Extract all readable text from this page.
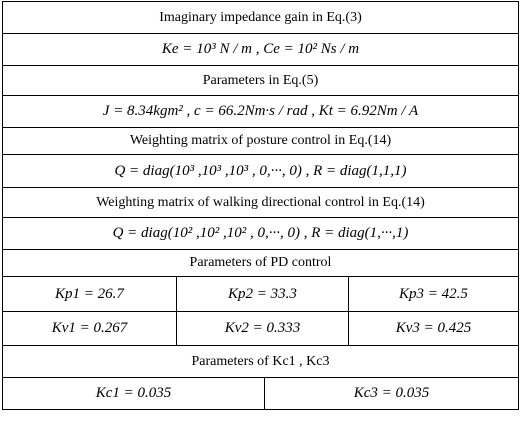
Imaginary impedance gain in Eq.(3)
Ke = 10³ N / m , Ce = 10² Ns / m
Parameters in Eq.(5)
J = 8.34kgm² , c = 66.2Nm·s / rad , Kt = 6.92Nm / A
Weighting matrix of posture control in Eq.(14)
Q = diag(10³ ,10³ ,10³ , 0,···, 0) , R = diag(1,1,1)
Weighting matrix of walking directional control in Eq.(14)
Q = diag(10² ,10² ,10² , 0,···, 0) , R = diag(1,···,1)
Parameters of PD control
Kp1 = 26.7	Kp2 = 33.3	Kp3 = 42.5
Kv1 = 0.267	Kv2 = 0.333	Kv3 = 0.425
Parameters of Kc1 , Kc3
Kc1 = 0.035	Kc3 = 0.035
